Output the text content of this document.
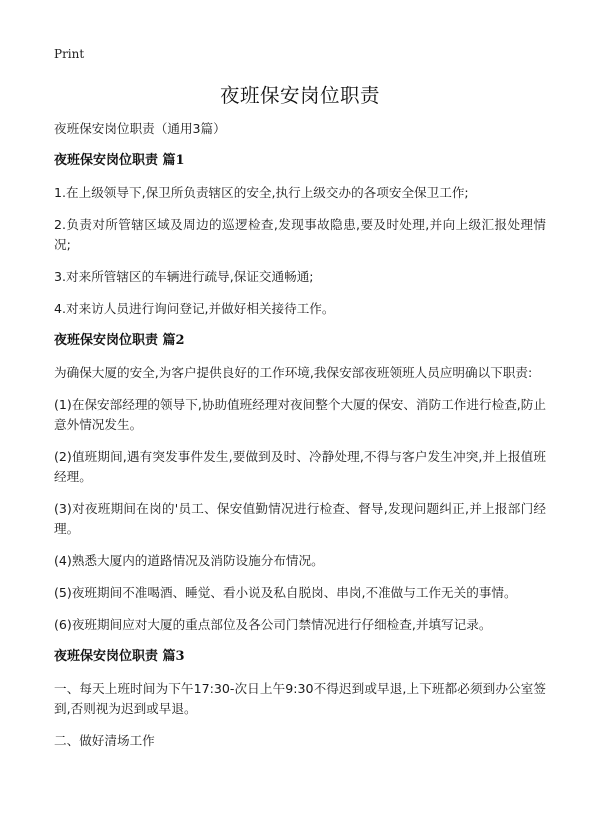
Print

夜班保安岗位职责

夜班保安岗位职责（通用3篇）

夜班保安岗位职责 篇1

1.在上级领导下,保卫所负责辖区的安全,执行上级交办的各项安全保卫工作;

2.负责对所管辖区域及周边的巡逻检查,发现事故隐患,要及时处理,并向上级汇报处理情况;

3.对来所管辖区的车辆进行疏导,保证交通畅通;

4.对来访人员进行询问登记,并做好相关接待工作。

夜班保安岗位职责 篇2

为确保大厦的安全,为客户提供良好的工作环境,我保安部夜班领班人员应明确以下职责:

(1)在保安部经理的领导下,协助值班经理对夜间整个大厦的保安、消防工作进行检查,防止意外情况发生。

(2)值班期间,遇有突发事件发生,要做到及时、冷静处理,不得与客户发生冲突,并上报值班经理。

(3)对夜班期间在岗的'员工、保安值勤情况进行检查、督导,发现问题纠正,并上报部门经理。

(4)熟悉大厦内的道路情况及消防设施分布情况。

(5)夜班期间不准喝酒、睡觉、看小说及私自脱岗、串岗,不准做与工作无关的事情。

(6)夜班期间应对大厦的重点部位及各公司门禁情况进行仔细检查,并填写记录。

夜班保安岗位职责 篇3

一、每天上班时间为下午17:30-次日上午9:30不得迟到或早退,上下班都必须到办公室签到,否则视为迟到或早退。

二、做好清场工作
